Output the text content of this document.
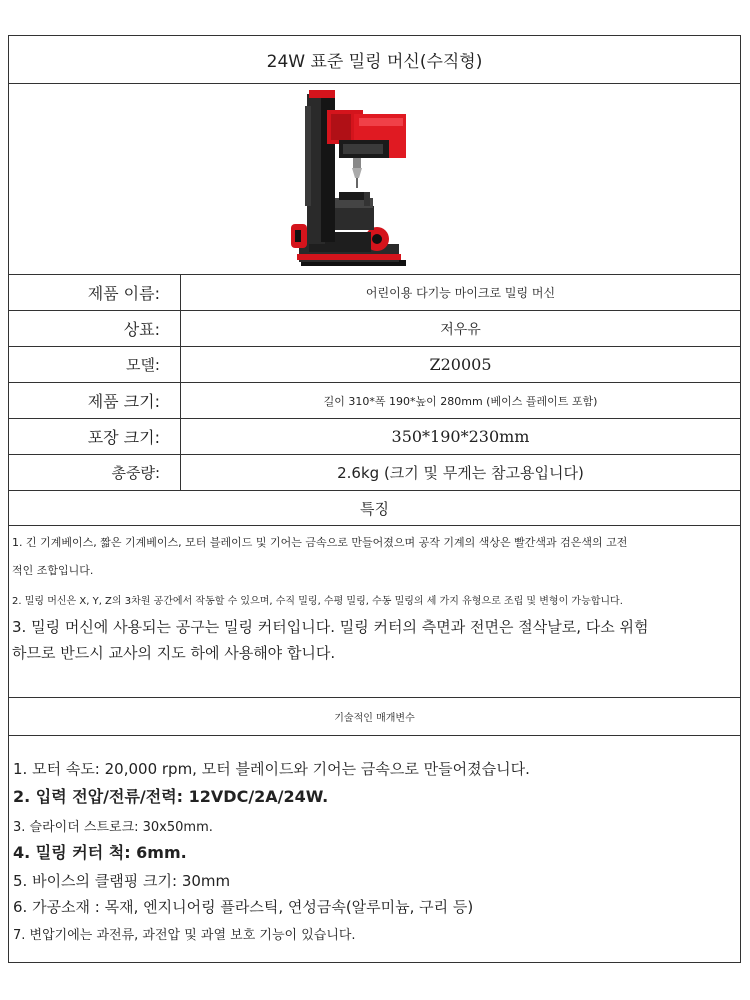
24W 표준 밀링 머신(수직형)
제품 이름:	어린이용 다기능 마이크로 밀링 머신
상표:	저우유
모델:	Z20005
제품 크기:	길이 310*폭 190*높이 280mm (베이스 플레이트 포함)
포장 크기:	350*190*230mm
총중량:	2.6kg (크기 및 무게는 참고용입니다)
특징
1. 긴 기계베이스, 짧은 기계베이스, 모터 블레이드 및 기어는 금속으로 만들어졌으며 공작 기계의 색상은 빨간색과 검은색의 고전
적인 조합입니다.
2. 밀링 머신은 X, Y, Z의 3차원 공간에서 작동할 수 있으며, 수직 밀링, 수평 밀링, 수동 밀링의 세 가지 유형으로 조립 및 변형이 가능합니다.
3. 밀링 머신에 사용되는 공구는 밀링 커터입니다. 밀링 커터의 측면과 전면은 절삭날로, 다소 위험
하므로 반드시 교사의 지도 하에 사용해야 합니다.
기술적인 매개변수
1. 모터 속도: 20,000 rpm, 모터 블레이드와 기어는 금속으로 만들어졌습니다.
2. 입력 전압/전류/전력: 12VDC/2A/24W.
3. 슬라이더 스트로크: 30x50mm.
4. 밀링 커터 척: 6mm.
5. 바이스의 클램핑 크기: 30mm
6. 가공소재 : 목재, 엔지니어링 플라스틱, 연성금속(알루미늄, 구리 등)
7. 변압기에는 과전류, 과전압 및 과열 보호 기능이 있습니다.
